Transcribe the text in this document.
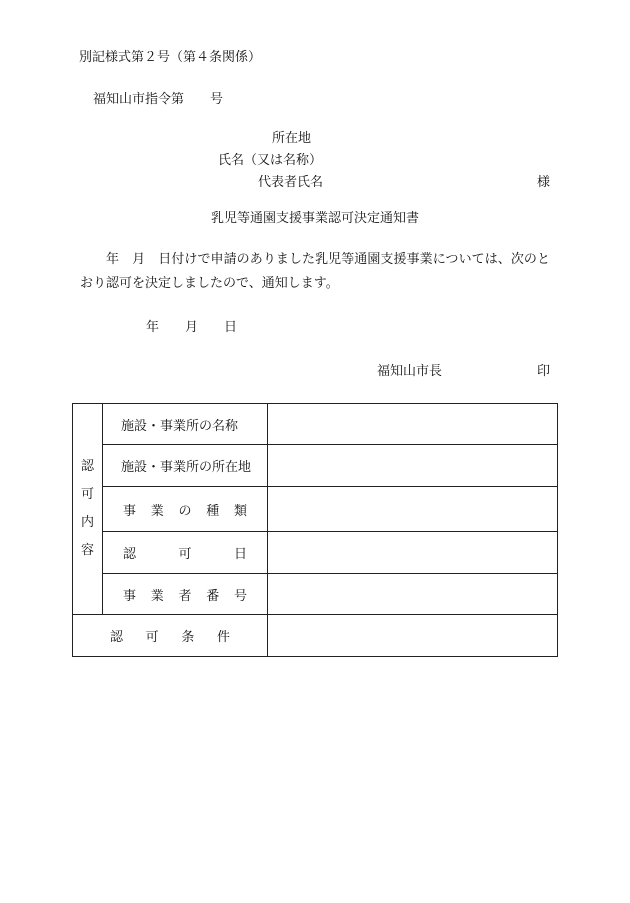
別記様式第２号（第４条関係）
福知山市指令第　　号
所在地
氏名（又は名称）
代表者氏名	様
乳児等通園支援事業認可決定通知書
年　月　日付けで申請のありました乳児等通園支援事業については、次のとおり認可を決定しましたので、通知します。
年　　月　　日
福知山市長	印
認
可
内
容	施設・事業所の名称	
	施設・事業所の所在地	

	事 業 の 種 類	

	認 可 日	

	事 業 者 番 号	

認 可 条 件		
